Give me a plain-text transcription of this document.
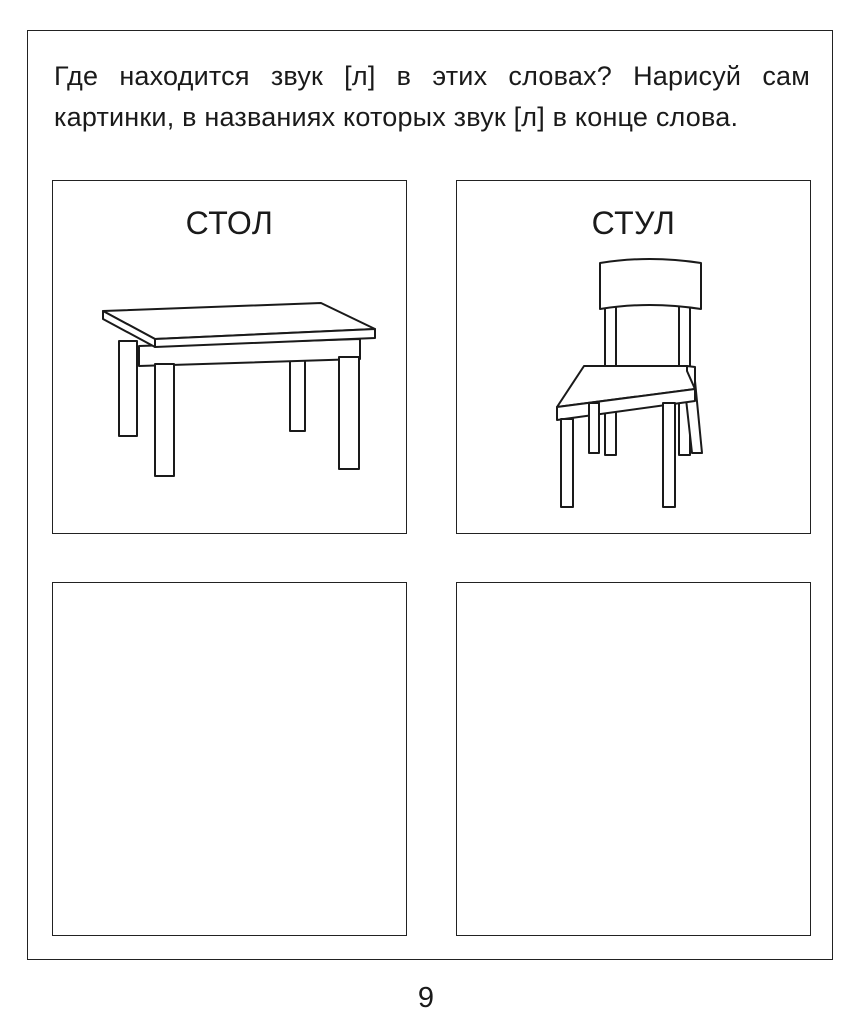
Где находится звук [л] в этих словах? Нарисуй сам картинки, в названиях которых звук [л] в конце слова.

СТОЛ	СТУЛ
9
